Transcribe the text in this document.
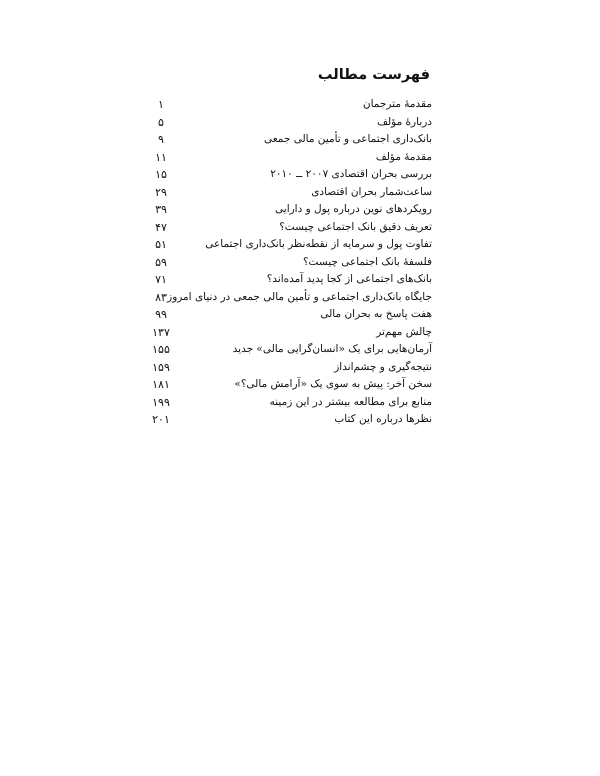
فهرست مطالب
مقدمهٔ مترجمان
۱
دربارهٔ مؤلف
۵
بانک‌داری اجتماعی و تأمین مالی جمعی
۹
مقدمهٔ مؤلف
۱۱
بررسی بحران اقتصادی ۲۰۰۷ ــ ۲۰۱۰
۱۵
ساعت‌شمار بحران اقتصادی
۲۹
رویکردهای نوین درباره پول و دارایی
۳۹
تعریف دقیق بانک اجتماعی چیست؟
۴۷
تفاوت پول و سرمایه از نقطه‌نظر بانک‌داری اجتماعی
۵۱
فلسفهٔ بانک اجتماعی چیست؟
۵۹
بانک‌های اجتماعی از کجا پدید آمده‌اند؟
۷۱
جایگاه بانک‌داری اجتماعی و تأمین مالی جمعی در دنیای امروز
۸۳
هفت پاسخ به بحران مالی
۹۹
چالش مهم‌تر
۱۳۷
آرمان‌هایی برای یک «انسان‌گرایی مالی» جدید
۱۵۵
نتیجه‌گیری و چشم‌انداز
۱۵۹
سخن آخر: پیش به سوی یک «آرامش مالی؟»
۱۸۱
منابع برای مطالعه بیشتر در این زمینه
۱۹۹
نظرها درباره این کتاب
۲۰۱
